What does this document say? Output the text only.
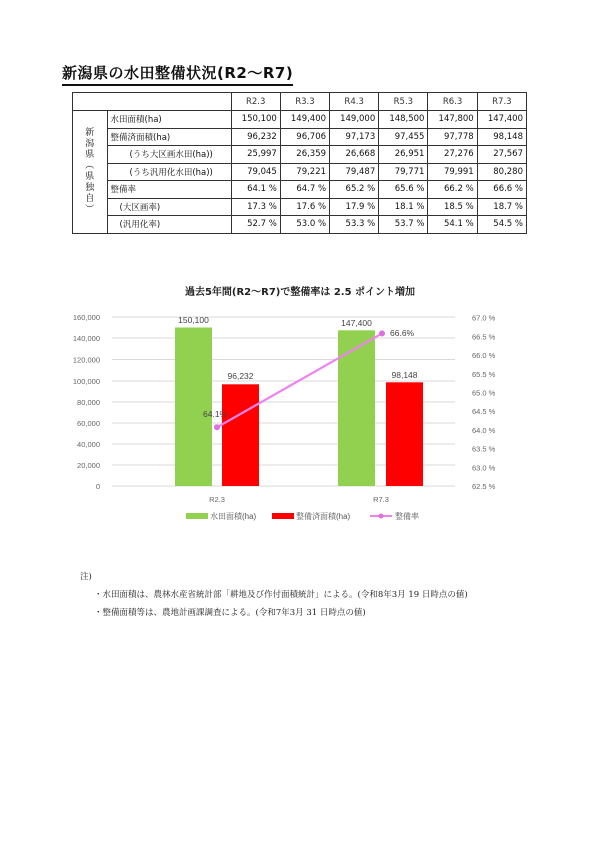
新潟県の水田整備状況(R2～R7)
		R2.3	R3.3	R4.3	R5.3	R6.3	R7.3

新
潟
県
︵
県
独
自
︶
	水田面積(ha)	150,100	149,400	149,000	148,500	147,800	147,400
	整備済面積(ha)	96,232	96,706	97,173	97,455	97,778	98,148
	(うち大区画水田(ha))	25,997	26,359	26,668	26,951	27,276	27,567
	(うち汎用化水田(ha))	79,045	79,221	79,487	79,771	79,991	80,280
	整備率	64.1 %	64.7 %	65.2 %	65.6 %	66.2 %	66.6 %
	(大区画率)	17.3 %	17.6 %	17.9 %	18.1 %	18.5 %	18.7 %
	(汎用化率)	52.7 %	53.0 %	53.3 %	53.7 %	54.1 %	54.5 %
過去5年間(R2～R7)で整備率は 2.5 ポイント増加
0
20,000
40,000
60,000
80,000
100,000
120,000
140,000
160,000
62.5 %
63.0 %
63.5 %
64.0 %
64.5 %
65.0 %
65.5 %
66.0 %
66.5 %
67.0 %
150,100	147,400
96,232	98,148
64.1%
66.6%
R2.3	R7.3
水田面積(ha)	整備済面積(ha)	整備率
注)
・水田面積は、農林水産省統計部「耕地及び作付面積統計」による。(令和8年3月 19 日時点の値)
・整備面積等は、農地計画課調査による。(令和7年3月 31 日時点の値)
